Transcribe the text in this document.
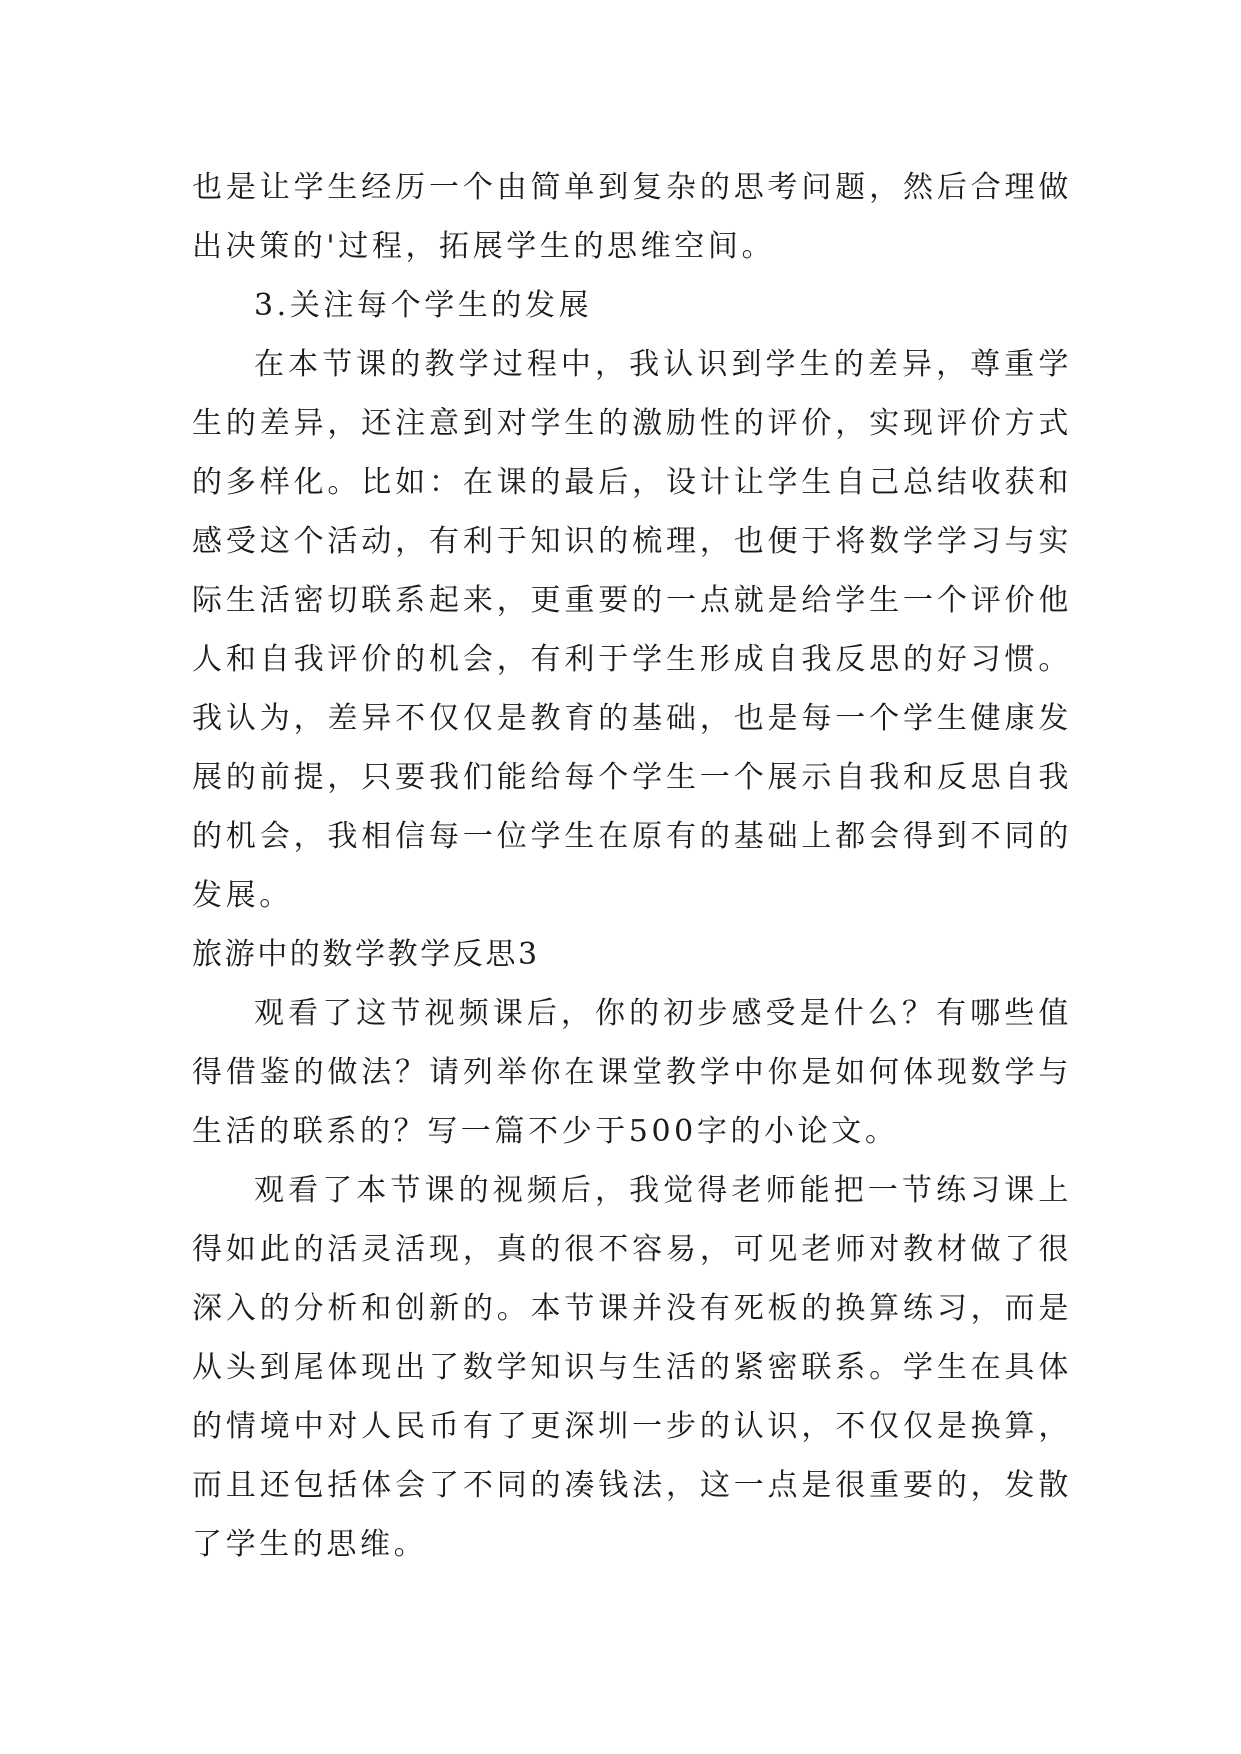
也是让学生经历一个由简单到复杂的思考问题，然后合理做出决策的'过程，拓展学生的思维空间。

3.关注每个学生的发展

在本节课的教学过程中，我认识到学生的差异，尊重学生的差异，还注意到对学生的激励性的评价，实现评价方式的多样化。比如：在课的最后，设计让学生自己总结收获和感受这个活动，有利于知识的梳理，也便于将数学学习与实际生活密切联系起来，更重要的一点就是给学生一个评价他人和自我评价的机会，有利于学生形成自我反思的好习惯。我认为，差异不仅仅是教育的基础，也是每一个学生健康发展的前提，只要我们能给每个学生一个展示自我和反思自我的机会，我相信每一位学生在原有的基础上都会得到不同的发展。

旅游中的数学教学反思3

观看了这节视频课后，你的初步感受是什么？有哪些值得借鉴的做法？请列举你在课堂教学中你是如何体现数学与生活的联系的？写一篇不少于500字的小论文。

观看了本节课的视频后，我觉得老师能把一节练习课上得如此的活灵活现，真的很不容易，可见老师对教材做了很深入的分析和创新的。本节课并没有死板的换算练习，而是从头到尾体现出了数学知识与生活的紧密联系。学生在具体的情境中对人民币有了更深圳一步的认识，不仅仅是换算，而且还包括体会了不同的凑钱法，这一点是很重要的，发散了学生的思维。
